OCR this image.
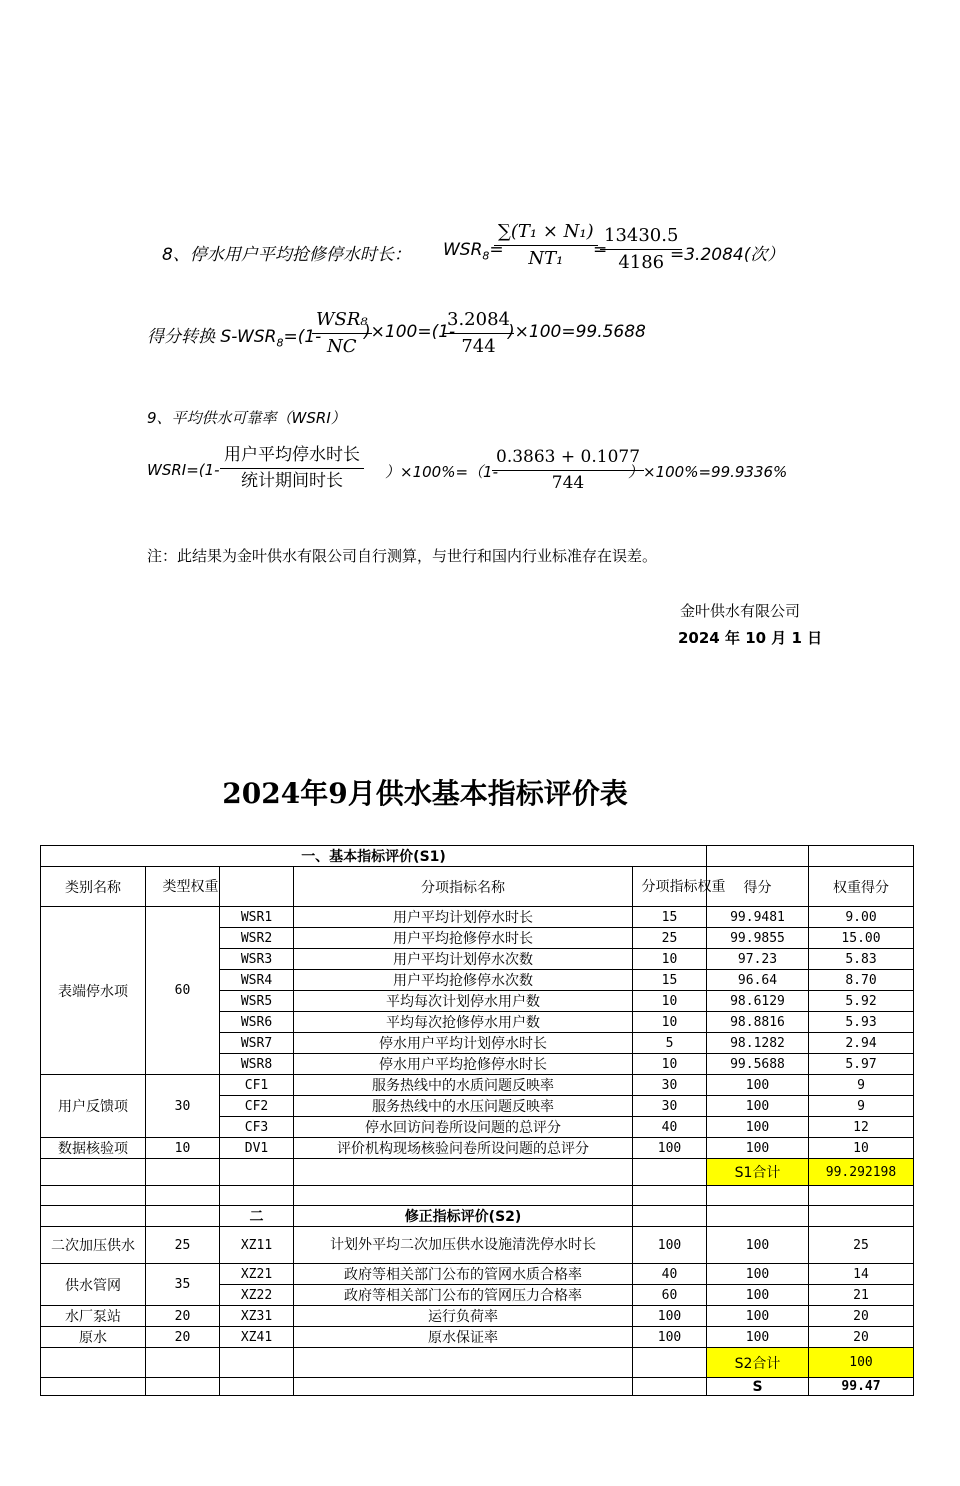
8、停水用户平均抢修停水时长： $WSR_8=$
∑(T₁ × N₁)
NT₁ =
13430.5
4186 =3.2084(次）
得分转换 $S-WSR_8=(1-$
WSR₈
NC
)×100=(1-
3.2084
744
)×100=99.5688
9、平均供水可靠率（WSRI）
WSRI=(1-
用户平均停水时长
统计期间时长	）×100%=（1-
0.3863 + 0.1077
744
）×100%=99.9336%
注：此结果为金叶供水有限公司自行测算，与世行和国内行业标准存在误差。
金叶供水有限公司
2024 年 10 月 1 日
2024年9月供水基本指标评价表
一、基本指标评价(S1)						
类别名称	类型权重		分项指标名称	分项指标权重	得分	权重得分
表端停水项	60	WSR1	用户平均计划停水时长	15	99.9481	9.00
		WSR2	用户平均抢修停水时长	25	99.9855	15.00
		WSR3	用户平均计划停水次数	10	97.23	5.83
		WSR4	用户平均抢修停水次数	15	96.64	8.70
		WSR5	平均每次计划停水用户数	10	98.6129	5.92
		WSR6	平均每次抢修停水用户数	10	98.8816	5.93
		WSR7	停水用户平均计划停水时长	5	98.1282	2.94
		WSR8	停水用户平均抢修停水时长	10	99.5688	5.97
用户反馈项	30	CF1	服务热线中的水质问题反映率	30	100	9
		CF2	服务热线中的水压问题反映率	30	100	9
		CF3	停水回访问卷所设问题的总评分	40	100	12
数据核验项	10	DV1	评价机构现场核验问卷所设问题的总评分	100	100	10
					S1合计	99.292198

		二	修正指标评价(S2)			
二次加压供水	25	XZ11	计划外平均二次加压供水设施清洗停水时长	100	100	25
供水管网	35	XZ21	政府等相关部门公布的管网水质合格率	40	100	14
		XZ22	政府等相关部门公布的管网压力合格率	60	100	21
水厂泵站	20	XZ31	运行负荷率	100	100	20
原水	20	XZ41	原水保证率	100	100	20
					S2合计	100
					S	99.47
